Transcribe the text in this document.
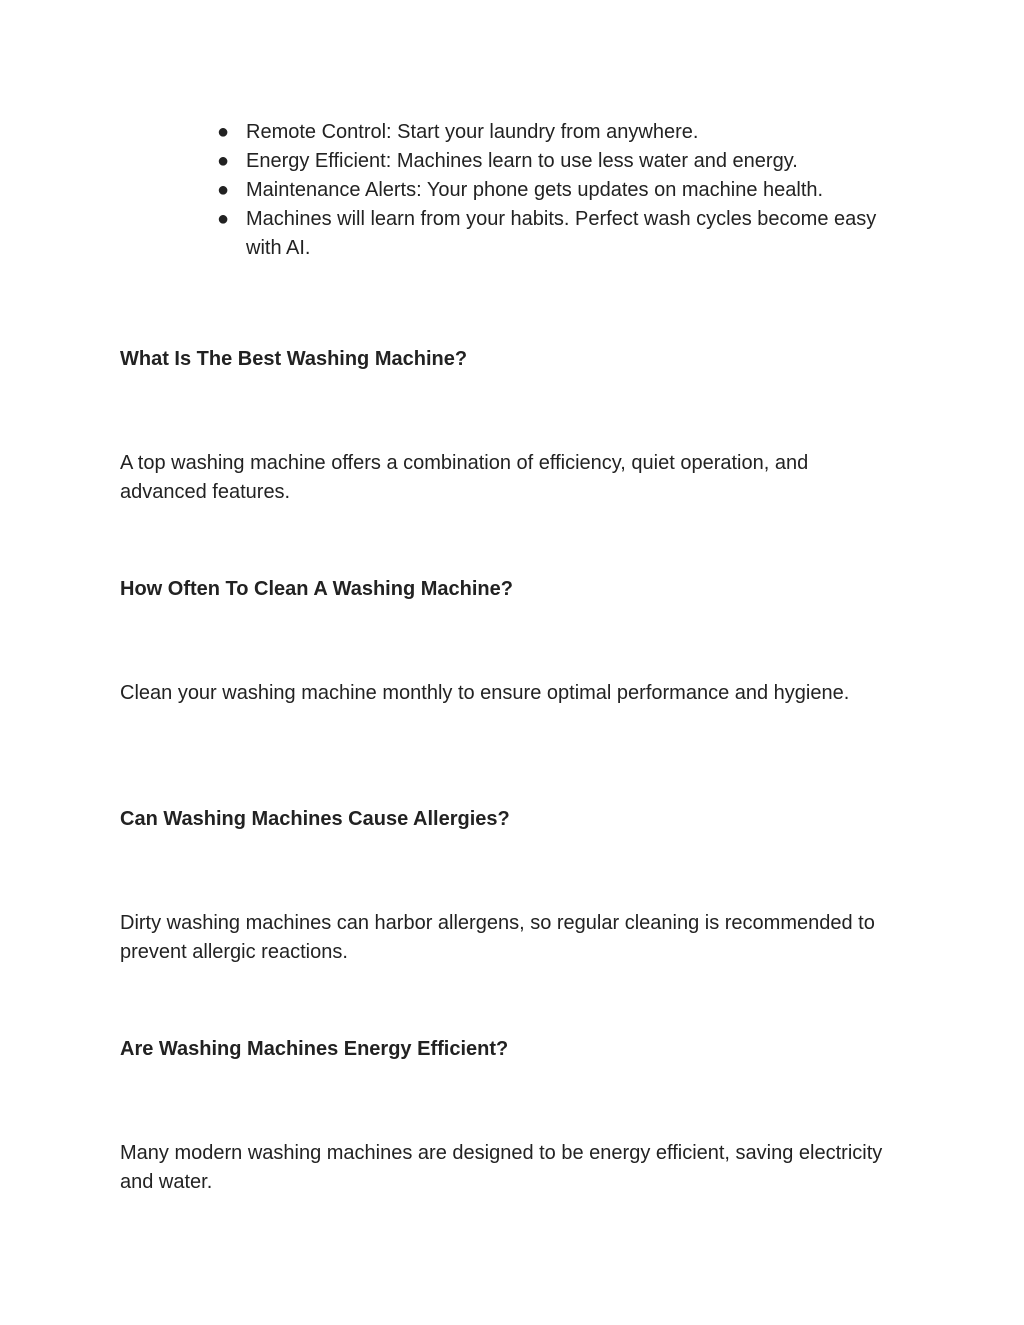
● Remote Control: Start your laundry from anywhere.
● Energy Efficient: Machines learn to use less water and energy.
● Maintenance Alerts: Your phone gets updates on machine health.
● Machines will learn from your habits. Perfect wash cycles become easy with AI.
What Is The Best Washing Machine?

A top washing machine offers a combination of efficiency, quiet operation, and advanced features.

How Often To Clean A Washing Machine?

Clean your washing machine monthly to ensure optimal performance and hygiene.

Can Washing Machines Cause Allergies?

Dirty washing machines can harbor allergens, so regular cleaning is recommended to prevent allergic reactions.

Are Washing Machines Energy Efficient?

Many modern washing machines are designed to be energy efficient, saving electricity and water.
